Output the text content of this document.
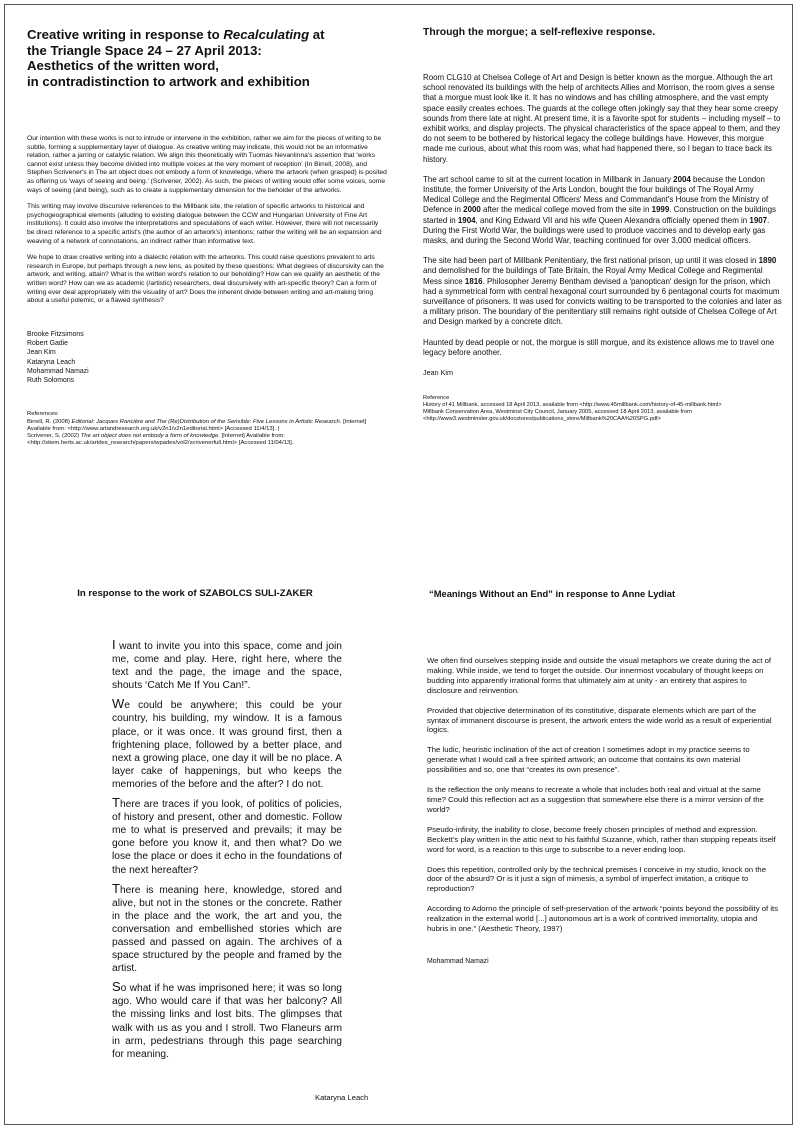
Creative writing in response to Recalculating at
the Triangle Space 24 – 27 April 2013:
Aesthetics of the written word,
in contradistinction to artwork and exhibition

Our intention with these works is not to intrude or intervene in the exhibition, rather we aim for the pieces of writing to be subtle, forming a supplementary layer of dialogue. As creative writing may indicate, this would not be an informative relation, rather a jarring or catalytic relation. We align this theoretically with Tuomas Nevanlinna's assertion that 'works cannot exist unless they become divided into multiple voices at the very moment of reception' (In Birrell, 2008), and Stephen Scrivener's in The art object does not embody a form of knowledge, where the artwork (when grasped) is posited as offering us 'ways of seeing and being.' (Scrivener, 2002). As such, the pieces of writing would offer some voices, some ways of seeing (and being), such as to create a supplementary dimension for the beholder of the artworks.

This writing may involve discursive references to the Millbank site, the relation of specific artworks to historical and psychogeographical elements (alluding to existing dialogue between the CCW and Hungarian University of Fine Art institutions). It could also involve the interpretations and speculations of each writer. However, there will not necessarily be direct reference to a specific artist's (the author of an artwork's) intentions; rather the writing will be an expansion and weaving of a network of connotations, an indirect rather than informative text.

We hope to draw creative writing into a dialectic relation with the artworks. This could raise questions prevalent to arts research in Europe, but perhaps through a new lens, as posited by these questions: What degrees of discursivity can the artwork, and writing, attain? What is the written word's relation to our beholding? How can we qualify an aesthetic of the written word? How can we as academic (/artistic) researchers, deal discursively with art-specific theory? Can a form of writing ever deal appropriately with the visuality of art? Does the inherent divide between writing and art-making bring about a useful polemic, or a flawed synthesis?

Brooke Fitzsimons
Robert Gadie
Jean Kim
Kataryna Leach
Mohammad Namazi
Ruth Solomons

References:
Birrell, R. (2008) Editorial: Jacques Rancière and The (Re)Distribution of the Sensible: Five Lessons in Artistic Research. [Internet] Available from: <http://www.artandresearch.org.uk/v2n1/v2n1editorial.html> [Accessed 11/4/13]. |
Scrivener, S. (2002) The art object does not embody a form of knowledge. [Internet] Available from: <http://sitem.herts.ac.uk/artdes_research/papers/wpades/vol2/scrivenerfull.html> [Accessed 11/04/13].

Through the morgue; a self-reflexive response.

Room CLG10 at Chelsea College of Art and Design is better known as the morgue. Although the art school renovated its buildings with the help of architects Allies and Morrison, the room gives a sense that a morgue must look like it. It has no windows and has chilling atmosphere, and the vast empty space easily creates echoes. The guards at the college often jokingly say that they hear some creepy sounds from there late at night. At present time, it is a favorite spot for students – including myself – to exhibit works, and display projects. The physical characteristics of the space appeal to them, and they do not seem to be bothered by historical legacy the college buildings have. However, this morgue made me curious, about what this room was, what had happened there, so I began to trace back its history.

The art school came to sit at the current location in Millbank in January 2004 because the London Institute, the former University of the Arts London, bought the four buildings of The Royal Army Medical College and the Regimental Officers' Mess and Commandant's House from the Ministry of Defence in 2000 after the medical college moved from the site in 1999. Construction on the buildings started in 1904, and King Edward VII and his wife Queen Alexandra officially opened them in 1907. During the First World War, the buildings were used to produce vaccines and to develop early gas masks, and during the Second World War, teaching continued for over 3,000 medical officers.

The site had been part of Millbank Penitentiary, the first national prison, up until it was closed in 1890 and demolished for the buildings of Tate Britain, the Royal Army Medical College and Regimental Mess since 1816. Philosopher Jeremy Bentham devised a 'panoptican' design for the prison, which had a symmetrical form with central hexagonal court surrounded by 6 pentagonal courts for maximum surveillance of prisoners. It was used for convicts waiting to be transported to the colonies and later as a military prison. The boundary of the penitentiary still remains right outside of Chelsea College of Art and Design marked by a concrete ditch.

Haunted by dead people or not, the morgue is still morgue, and its existence allows me to travel one legacy before another.

Jean Kim

Reference
History of 41 Millbank, accessed 18 April 2013, available from <http://www.45millbank.com/history-of-45-millbank.html>
Millbank Conservation Area, Westminst City Council, January 2005, accessed 18 April 2013, available from <http://www3.westminster.gov.uk/docstores/publications_store/Millbank%20CAA%20SPG.pdf>

In response to the work of SZABOLCS SULI-ZAKER

I want to invite you into this space, come and join me, come and play. Here, right here, where the text and the page, the image and the space, shouts ‘Catch Me If You Can!”.

We could be anywhere; this could be your country, his building, my window. It is a famous place, or it was once. It was ground first, then a frightening place, followed by a better place, and next a growing place, one day it will be no place. A layer cake of happenings, but who keeps the memories of the before and the after? I do not.

There are traces if you look, of politics of policies, of history and present, other and domestic. Follow me to what is preserved and prevails; it may be gone before you know it, and then what? Do we lose the place or does it echo in the foundations of the next hereafter?

There is meaning here, knowledge, stored and alive, but not in the stones or the concrete. Rather in the place and the work, the art and you, the conversation and embellished stories which are passed and passed on again. The archives of a space structured by the people and framed by the artist.

So what if he was imprisoned here; it was so long ago. Who would care if that was her balcony? All the missing links and lost bits. The glimpses that walk with us as you and I stroll. Two Flaneurs arm in arm, pedestrians through this page searching for meaning.

Kataryna Leach

“Meanings Without an End” in response to Anne Lydiat

We often find ourselves stepping inside and outside the visual metaphors we create during the act of making. While inside, we tend to forget the outside. Our innermost vocabulary of thought keeps on budding into apparently irrational forms that ultimately aim at unity - an entirety that aspires to disclosure and reinvention.

Provided that objective determination of its constitutive, disparate elements which are part of the syntax of immanent discourse is present, the artwork enters the wide world as a result of experiential logics.

The ludic, heuristic inclination of the act of creation I sometimes adopt in my practice seems to generate what I would call a free spirited artwork; an outcome that contains its own material possibilities and so, one that “creates its own presence”.

Is the reflection the only means to recreate a whole that includes both real and virtual at the same time? Could this reflection act as a suggestion that somewhere else there is a mirror version of the world?

Pseudo-infinity, the inability to close, become freely chosen principles of method and expression. Beckett’s play written in the attic next to his faithful Suzanne, which, rather than stopping repeats itself word for word, is a reaction to this urge to subscribe to a never ending loop.

Does this repetition, controlled only by the technical premises I conceive in my studio, knock on the door of the absurd? Or is it just a sign of mimesis, a symbol of imperfect imitation, a critique to reproduction?

According to Adorno the principle of self-preservation of the artwork “points beyond the possibility of its realization in the external world [...] autonomous art is a work of contrived immortality, utopia and hubris in one.” (Aesthetic Theory, 1997)

Mohammad Namazi
